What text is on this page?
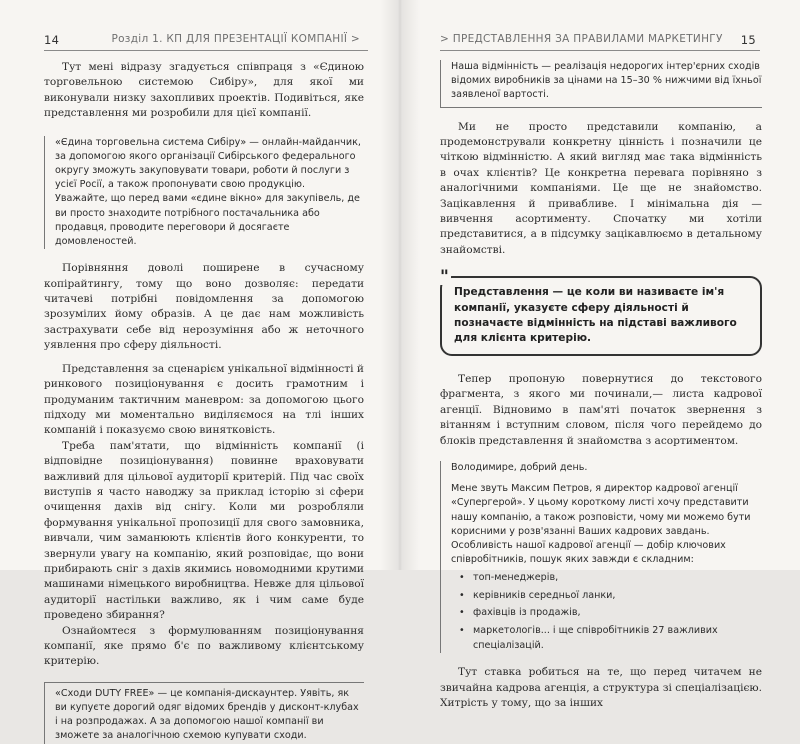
14	Розділ 1. КП ДЛЯ ПРЕЗЕНТАЦІЇ КОМПАНІЇ >

Тут мені відразу згадується співпраця з «Єдиною торговельною системою Сибіру», для якої ми виконували низку захопливих проектів. Подивіться, яке представлення ми розробили для цієї компанії.

«Єдина торговельна система Сибіру» — онлайн-майданчик, за допомогою якого організації Сибірського федерального округу зможуть закуповувати товари, роботи й послуги з усієї Росії, а також пропонувати свою продукцію.

Уважайте, що перед вами «єдине вікно» для закупівель, де ви просто знаходите потрібного постачальника або продавця, проводите переговори й досягаєте домовленостей.

Порівняння доволі поширене в сучасному копірайтингу, тому що воно дозволяє: передати читачеві потрібні повідомлення за допомогою зрозумілих йому образів. А це дає нам можливість застрахувати себе від нерозуміння або ж неточного уявлення про сферу діяльності.

Представлення за сценарієм унікальної відмінності й ринкового позиціонування є досить грамотним і продуманим тактичним маневром: за допомогою цього підходу ми моментально виділяємося на тлі інших компаній і показуємо свою винятковість.

Треба пам'ятати, що відмінність компанії (і відповідне позиціонування) повинне враховувати важливий для цільової аудиторії критерій. Під час своїх виступів я часто наводжу за приклад історію зі сфери очищення дахів від снігу. Коли ми розробляли формування унікальної пропозиції для свого замовника, вивчали, чим заманюють клієнтів його конкуренти, то звернули увагу на компанію, який розповідає, що вони прибирають сніг з дахів якимись новомодними крутими машинами німецького виробництва. Невже для цільової аудиторії настільки важливо, як і чим саме буде проведено збирання?

Ознайомтеся з формулюванням позиціонування компанії, яке прямо б'є по важливому клієнтському критерію.

«Сходи DUTY FREE» — це компанія-дискаунтер. Уявіть, як ви купуєте дорогий одяг відомих брендів у дисконт-клубах і на розпродажах. А за допомогою нашої компанії ви зможете за аналогічною схемою купувати сходи.

> ПРЕДСТАВЛЕННЯ ЗА ПРАВИЛАМИ МАРКЕТИНГУ 15

Наша відмінність — реалізація недорогих інтер'єрних сходів відомих виробників за цінами на 15–30 % нижчими від їхньої заявленої вартості.

Ми не просто представили компанію, а продемонстрували конкретну цінність і позначили це чіткою відмінністю. А який вигляд має така відмінність в очах клієнтів? Це конкретна перевага порівняно з аналогічними компаніями. Це ще не знайомство. Зацікавлення й привабливе. І мінімальна дія — вивчення асортименту. Спочатку ми хотіли представитися, а в підсумку зацікавлюємо в детальному знайомстві.

"
Представлення — це коли ви називаєте ім'я компанії, указуєте сферу діяльності й позначаєте відмінність на підставі важливого для клієнта критерію.

Тепер пропоную повернутися до текстового фрагмента, з якого ми починали,— листа кадрової агенції. Відновимо в пам'яті початок звернення з вітанням і вступним словом, після чого перейдемо до блоків представлення й знайомства з асортиментом.

Володимире, добрий день.

Мене звуть Максим Петров, я директор кадрової агенції «Супергерой». У цьому короткому листі хочу представити нашу компанію, а також розповісти, чому ми можемо бути корисними у розв'язанні Ваших кадрових завдань. Особливість нашої кадрової агенції — добір ключових співробітників, пошук яких завжди є складним:

• топ-менеджерів,
• керівників середньої ланки,
• фахівців із продажів,
• маркетологів... і ще співробітників 27 важливих спеціалізацій.

Тут ставка робиться на те, що перед читачем не звичайна кадрова агенція, а структура зі спеціалізацією. Хитрість у тому, що за інших
